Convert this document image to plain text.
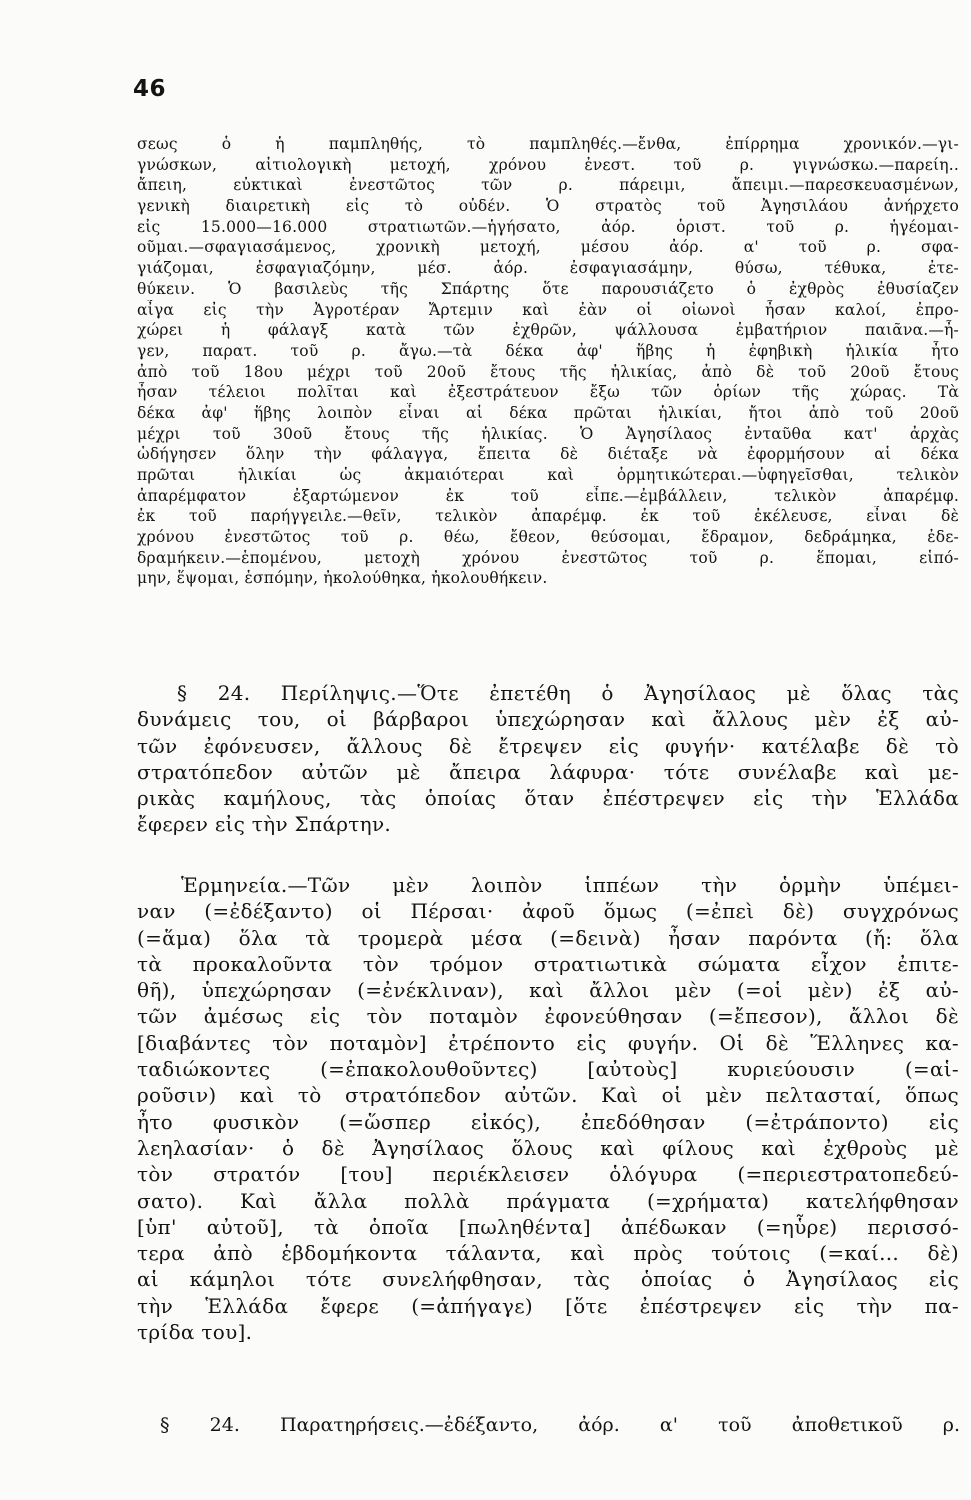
46
σεως ὁ ἡ παμπληθής, τὸ παμπληθές.—ἔνθα, ἐπίρρημα χρονικόν.—γι-
γνώσκων, αἰτιολογικὴ μετοχή, χρόνου ἐνεστ. τοῦ ρ. γιγνώσκω.—παρείη..
ἄπειη, εὐκτικαὶ ἐνεστῶτος τῶν ρ. πάρειμι, ἄπειμι.—παρεσκευασμένων,
γενικὴ διαιρετικὴ εἰς τὸ οὐδέν. Ὁ στρατὸς τοῦ Ἀγησιλάου ἀνήρχετο
εἰς 15.000—16.000 στρατιωτῶν.—ἡγήσατο, ἀόρ. ὁριστ. τοῦ ρ. ἡγέομαι-
οῦμαι.—σφαγιασάμενος, χρονικὴ μετοχή, μέσου ἀόρ. α' τοῦ ρ. σφα-
γιάζομαι, ἐσφαγιαζόμην, μέσ. ἀόρ. ἐσφαγιασάμην, θύσω, τέθυκα, ἐτε-
θύκειν. Ὁ βασιλεὺς τῆς Σπάρτης ὅτε παρουσιάζετο ὁ ἐχθρὸς ἐθυσίαζεν
αἶγα εἰς τὴν Ἀγροτέραν Ἄρτεμιν καὶ ἐὰν οἱ οἰωνοὶ ἦσαν καλοί, ἐπρο-
χώρει ἡ φάλαγξ κατὰ τῶν ἐχθρῶν, ψάλλουσα ἐμβατήριον παιᾶνα.—ἦ-
γεν, παρατ. τοῦ ρ. ἄγω.—τὰ δέκα ἀφ' ἥβης ἡ ἐφηβικὴ ἡλικία ἦτο
ἀπὸ τοῦ 18ου μέχρι τοῦ 20οῦ ἔτους τῆς ἡλικίας, ἀπὸ δὲ τοῦ 20οῦ ἔτους
ἦσαν τέλειοι πολῖται καὶ ἐξεστράτευον ἔξω τῶν ὁρίων τῆς χώρας. Τὰ
δέκα ἀφ' ἥβης λοιπὸν εἶναι αἱ δέκα πρῶται ἡλικίαι, ἤτοι ἀπὸ τοῦ 20οῦ
μέχρι τοῦ 30οῦ ἔτους τῆς ἡλικίας. Ὁ Ἀγησίλαος ἐνταῦθα κατ' ἀρχὰς
ὡδήγησεν ὅλην τὴν φάλαγγα, ἔπειτα δὲ διέταξε νὰ ἐφορμήσουν αἱ δέκα
πρῶται ἡλικίαι ὡς ἀκμαιότεραι καὶ ὁρμητικώτεραι.—ὑφηγεῖσθαι, τελικὸν
ἀπαρέμφατον ἐξαρτώμενον ἐκ τοῦ εἶπε.—ἐμβάλλειν, τελικὸν ἀπαρέμφ.
ἐκ τοῦ παρήγγειλε.—θεῖν, τελικὸν ἀπαρέμφ. ἐκ τοῦ ἐκέλευσε, εἶναι δὲ
χρόνου ἐνεστῶτος τοῦ ρ. θέω, ἔθεον, θεύσομαι, ἔδραμον, δεδράμηκα, ἐδε-
δραμήκειν.—ἑπομένου, μετοχὴ χρόνου ἐνεστῶτος τοῦ ρ. ἕπομαι, εἱπό-
μην, ἕψομαι, ἑσπόμην, ἠκολούθηκα, ἠκολουθήκειν.
§ 24. Περίληψις.—Ὅτε ἐπετέθη ὁ Ἀγησίλαος μὲ ὅλας τὰς
δυνάμεις του, οἱ βάρβαροι ὑπεχώρησαν καὶ ἄλλους μὲν ἐξ αὐ-
τῶν ἐφόνευσεν, ἄλλους δὲ ἔτρεψεν εἰς φυγήν· κατέλαβε δὲ τὸ
στρατόπεδον αὐτῶν μὲ ἄπειρα λάφυρα· τότε συνέλαβε καὶ με-
ρικὰς καμήλους, τὰς ὁποίας ὅταν ἐπέστρεψεν εἰς τὴν Ἑλλάδα
ἔφερεν εἰς τὴν Σπάρτην.
Ἑρμηνεία.—Τῶν μὲν λοιπὸν ἱππέων τὴν ὁρμὴν ὑπέμει-
ναν (=ἐδέξαντο) οἱ Πέρσαι· ἀφοῦ ὅμως (=ἐπεὶ δὲ) συγχρόνως
(=ἅμα) ὅλα τὰ τρομερὰ μέσα (=δεινὰ) ἦσαν παρόντα (ἤ: ὅλα
τὰ προκαλοῦντα τὸν τρόμον στρατιωτικὰ σώματα εἶχον ἐπιτε-
θῆ), ὑπεχώρησαν (=ἐνέκλιναν), καὶ ἄλλοι μὲν (=οἱ μὲν) ἐξ αὐ-
τῶν ἀμέσως εἰς τὸν ποταμὸν ἐφονεύθησαν (=ἔπεσον), ἄλλοι δὲ
[διαβάντες τὸν ποταμὸν] ἐτρέποντο εἰς φυγήν. Οἱ δὲ Ἕλληνες κα-
ταδιώκοντες (=ἐπακολουθοῦντες) [αὐτοὺς] κυριεύουσιν (=αἱ-
ροῦσιν) καὶ τὸ στρατόπεδον αὐτῶν. Καὶ οἱ μὲν πελτασταί, ὅπως
ἦτο φυσικὸν (=ὥσπερ εἰκός), ἐπεδόθησαν (=ἐτράποντο) εἰς
λεηλασίαν· ὁ δὲ Ἀγησίλαος ὅλους καὶ φίλους καὶ ἐχθροὺς μὲ
τὸν στρατόν [του] περιέκλεισεν ὁλόγυρα (=περιεστρατοπεδεύ-
σατο). Καὶ ἄλλα πολλὰ πράγματα (=χρήματα) κατελήφθησαν
[ὑπ' αὐτοῦ], τὰ ὁποῖα [πωληθέντα] ἀπέδωκαν (=ηὗρε) περισσό-
τερα ἀπὸ ἑβδομήκοντα τάλαντα, καὶ πρὸς τούτοις (=καί... δὲ)
αἱ κάμηλοι τότε συνελήφθησαν, τὰς ὁποίας ὁ Ἀγησίλαος εἰς
τὴν Ἑλλάδα ἔφερε (=ἀπήγαγε) [ὅτε ἐπέστρεψεν εἰς τὴν πα-
τρίδα του].
§ 24. Παρατηρήσεις.—ἐδέξαντο, ἀόρ. α' τοῦ ἀποθετικοῦ ρ.
